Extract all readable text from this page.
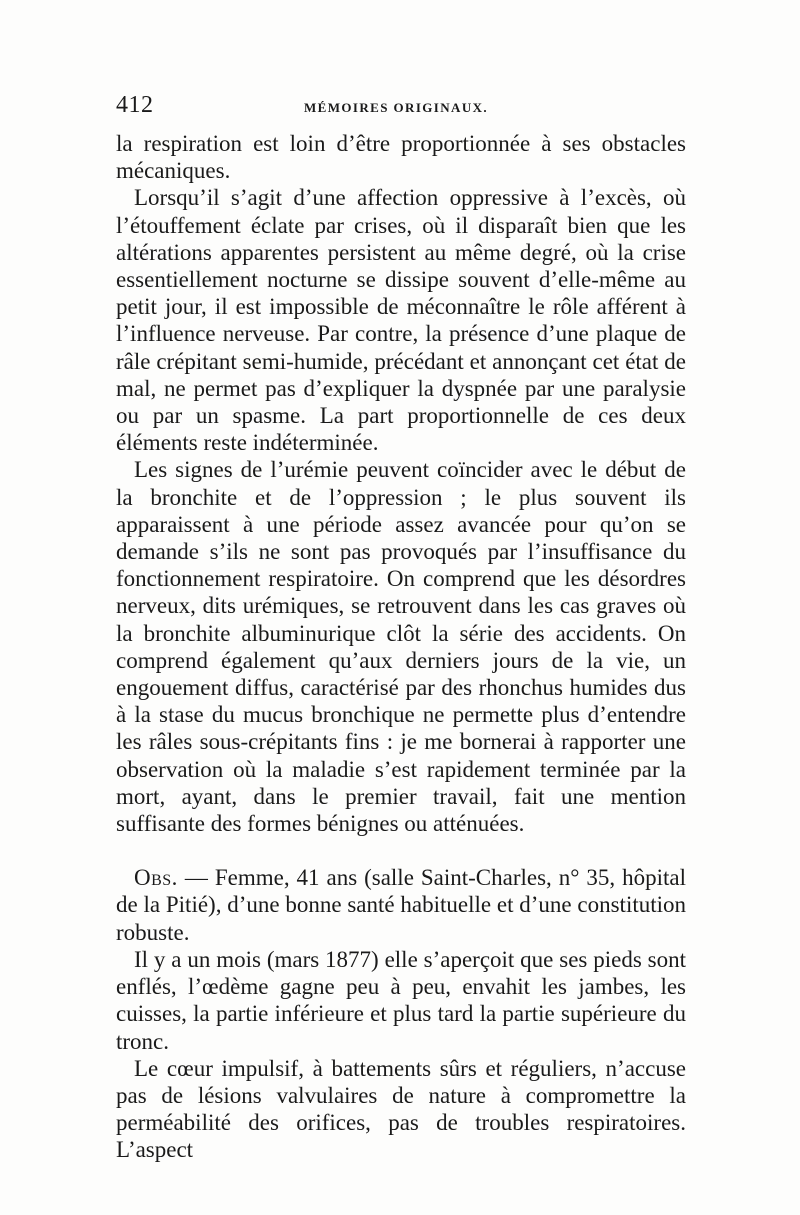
412	MÉMOIRES ORIGINAUX.

la respiration est loin d’être proportionnée à ses obstacles mécaniques.

Lorsqu’il s’agit d’une affection oppressive à l’excès, où l’étouffement éclate par crises, où il disparaît bien que les altérations apparentes persistent au même degré, où la crise essentiellement nocturne se dissipe souvent d’elle-même au petit jour, il est impossible de méconnaître le rôle afférent à l’influence nerveuse. Par contre, la présence d’une plaque de râle crépitant semi-humide, précédant et annonçant cet état de mal, ne permet pas d’expliquer la dyspnée par une paralysie ou par un spasme. La part proportionnelle de ces deux éléments reste indéterminée.

Les signes de l’urémie peuvent coïncider avec le début de la bronchite et de l’oppression ; le plus souvent ils apparaissent à une période assez avancée pour qu’on se demande s’ils ne sont pas provoqués par l’insuffisance du fonctionnement respiratoire. On comprend que les désordres nerveux, dits urémiques, se retrouvent dans les cas graves où la bronchite albuminurique clôt la série des accidents. On comprend également qu’aux derniers jours de la vie, un engouement diffus, caractérisé par des rhonchus humides dus à la stase du mucus bronchique ne permette plus d’entendre les râles sous-crépitants fins : je me bornerai à rapporter une observation où la maladie s’est rapidement terminée par la mort, ayant, dans le premier travail, fait une mention suffisante des formes bénignes ou atténuées.

Obs. — Femme, 41 ans (salle Saint-Charles, n° 35, hôpital de la Pitié), d’une bonne santé habituelle et d’une constitution robuste.

Il y a un mois (mars 1877) elle s’aperçoit que ses pieds sont enflés, l’œdème gagne peu à peu, envahit les jambes, les cuisses, la partie inférieure et plus tard la partie supérieure du tronc.

Le cœur impulsif, à battements sûrs et réguliers, n’accuse pas de lésions valvulaires de nature à compromettre la perméabilité des orifices, pas de troubles respiratoires. L’aspect
